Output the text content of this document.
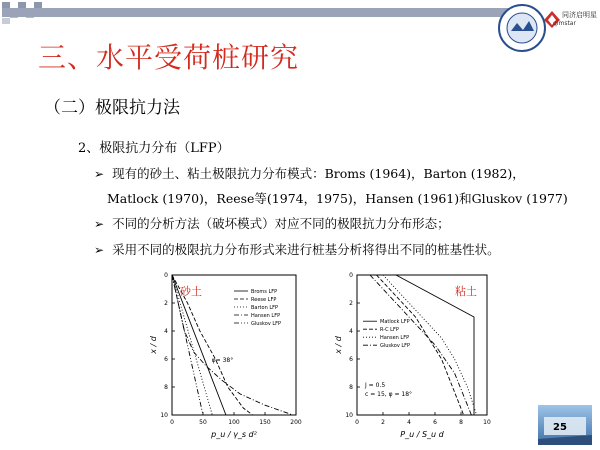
同济启明星
qimstar
三、水平受荷桩研究
（二）极限抗力法
2、极限抗力分布（LFP）
➢ 现有的砂土、粘土极限抗力分布模式：Broms (1964)，Barton (1982)，
Matlock (1970)，Reese等(1974，1975)，Hansen (1961)和Gluskov (1977)
➢ 不同的分析方法（破坏模式）对应不同的极限抗力分布形态；
➢ 采用不同的极限抗力分布形式来进行桩基分析将得出不同的桩基性状。
0	50	100	150	200
0
2
4
6
8
10
p_u / γ_s d²
x / d
砂土	Broms LFP
Reese LFP
Barton LFP
Hansen LFP
Gluskov LFP
φ= 38°
0	2	4	6	8	10
0
2
4
6
8
10
P_u / S_u d
x / d
粘土
Matlock LFP
R-C LFP
Hansen LFP
Gluskov LFP
J = 0.5
c = 15, φ = 18°
25
